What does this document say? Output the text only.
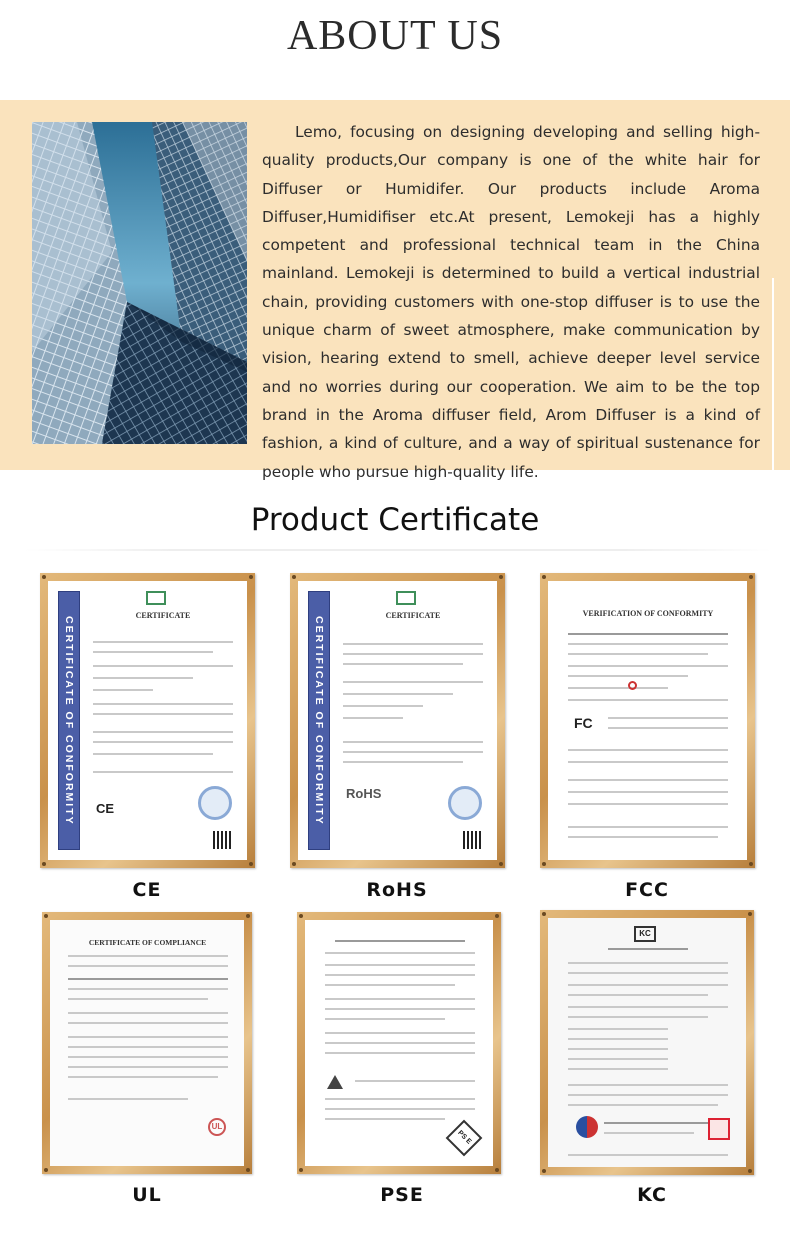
ABOUT US

Lemo, focusing on designing developing and selling high-quality products,Our company is one of the white hair for Diffuser or Humidifer. Our products include Aroma Diffuser,Humidifiser etc.At present, Lemokeji has a highly competent and professional technical team in the China mainland. Lemokeji is determined to build a vertical industrial chain, providing customers with one-stop diffuser is to use the unique charm of sweet atmosphere, make communication by vision, hearing extend to smell, achieve deeper level service and no worries during our cooperation. We aim to be the top brand in the Aroma diffuser field, Arom Diffuser is a kind of fashion, a kind of culture, and a way of spiritual sustenance for people who pursue high-quality life.

Product Certificate
CERTIFICATE OF CONFORMITY
CERTIFICATE
CE
CE
CERTIFICATE OF CONFORMITY
CERTIFICATE
RoHS
RoHS
VERIFICATION OF CONFORMITY
FC
FCC
CERTIFICATE OF COMPLIANCE
UL
UL
PS E
PSE
KC
KC
